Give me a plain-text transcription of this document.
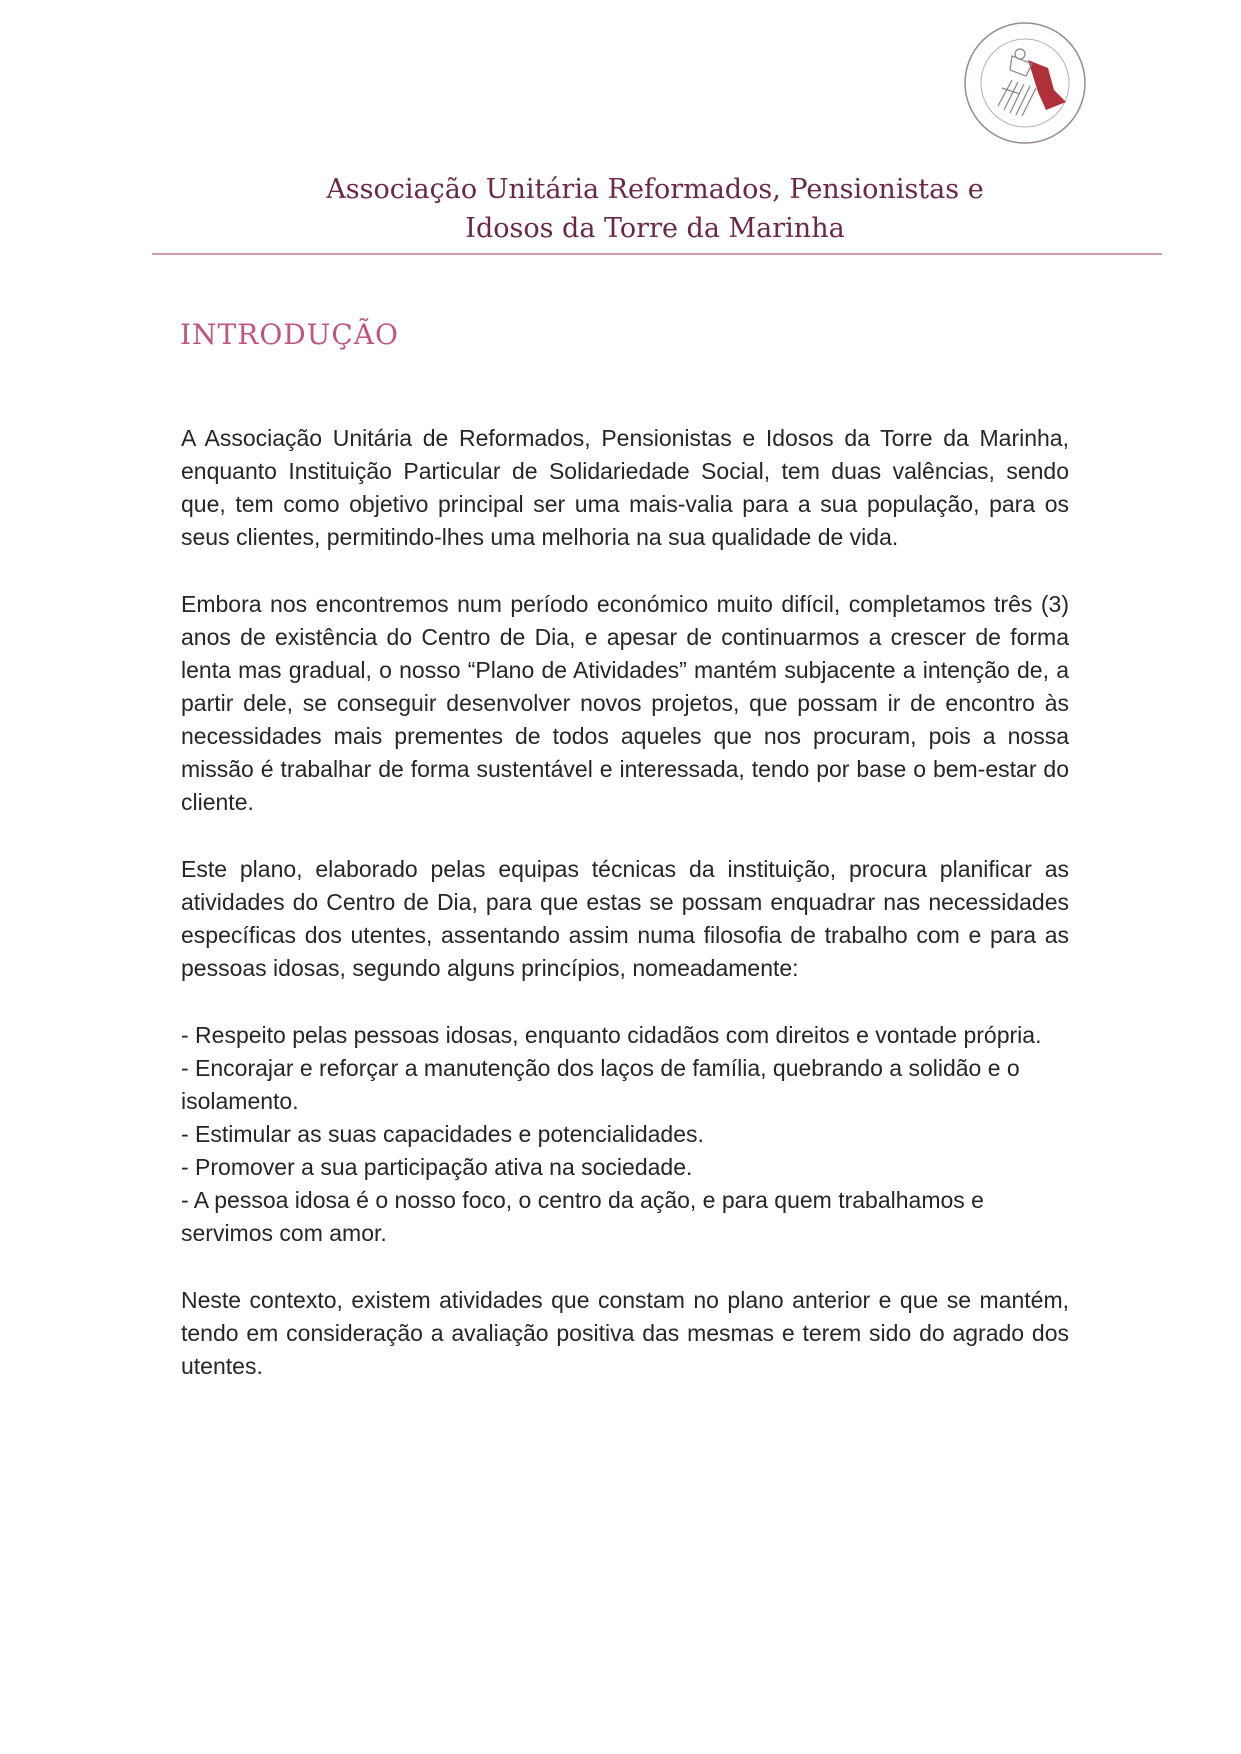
Associação Unitária Reformados, Pensionistas e
Idosos da Torre da Marinha
INTRODUÇÃO

A Associação Unitária de Reformados, Pensionistas e Idosos da Torre da Marinha, enquanto Instituição Particular de Solidariedade Social, tem duas valências, sendo que, tem como objetivo principal ser uma mais-valia para a sua população, para os seus clientes, permitindo-lhes uma melhoria na sua qualidade de vida.

Embora nos encontremos num período económico muito difícil, completamos três (3) anos de existência do Centro de Dia, e apesar de continuarmos a crescer de forma lenta mas gradual, o nosso “Plano de Atividades” mantém subjacente a intenção de, a partir dele, se conseguir desenvolver novos projetos, que possam ir de encontro às necessidades mais prementes de todos aqueles que nos procuram, pois a nossa missão é trabalhar de forma sustentável e interessada, tendo por base o bem-estar do cliente.

Este plano, elaborado pelas equipas técnicas da instituição, procura planificar as atividades do Centro de Dia, para que estas se possam enquadrar nas necessidades específicas dos utentes, assentando assim numa filosofia de trabalho com e para as pessoas idosas, segundo alguns princípios, nomeadamente:

- Respeito pelas pessoas idosas, enquanto cidadãos com direitos e vontade própria.
- Encorajar e reforçar a manutenção dos laços de família, quebrando a solidão e o isolamento.
- Estimular as suas capacidades e potencialidades.
- Promover a sua participação ativa na sociedade.
- A pessoa idosa é o nosso foco, o centro da ação, e para quem trabalhamos e servimos com amor.

Neste contexto, existem atividades que constam no plano anterior e que se mantém, tendo em consideração a avaliação positiva das mesmas e terem sido do agrado dos utentes.
